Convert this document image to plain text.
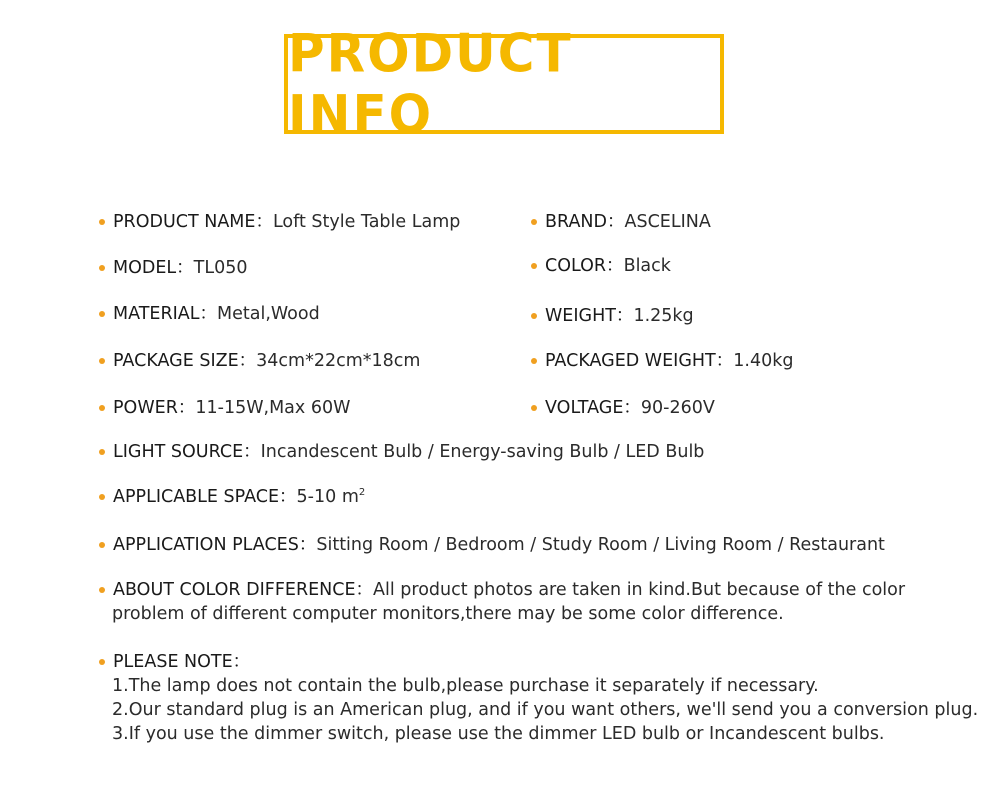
PRODUCT INFO
PRODUCT NAME： Loft Style Table Lamp
MODEL： TL050
MATERIAL： Metal,Wood
PACKAGE SIZE： 34cm*22cm*18cm
POWER： 11-15W,Max 60W
BRAND： ASCELINA
COLOR： Black
WEIGHT： 1.25kg
PACKAGED WEIGHT： 1.40kg
VOLTAGE： 90-260V
LIGHT SOURCE： Incandescent Bulb / Energy-saving Bulb / LED Bulb
APPLICABLE SPACE： 5-10 $m^2$
APPLICATION PLACES： Sitting Room / Bedroom / Study Room / Living Room / Restaurant
ABOUT COLOR DIFFERENCE： All product photos are taken in kind.But because of the color
problem of different computer monitors,there may be some color difference.
PLEASE NOTE：
1.The lamp does not contain the bulb,please purchase it separately if necessary.
2.Our standard plug is an American plug, and if you want others, we'll send you a conversion plug.
3.If you use the dimmer switch, please use the dimmer LED bulb or Incandescent bulbs.
